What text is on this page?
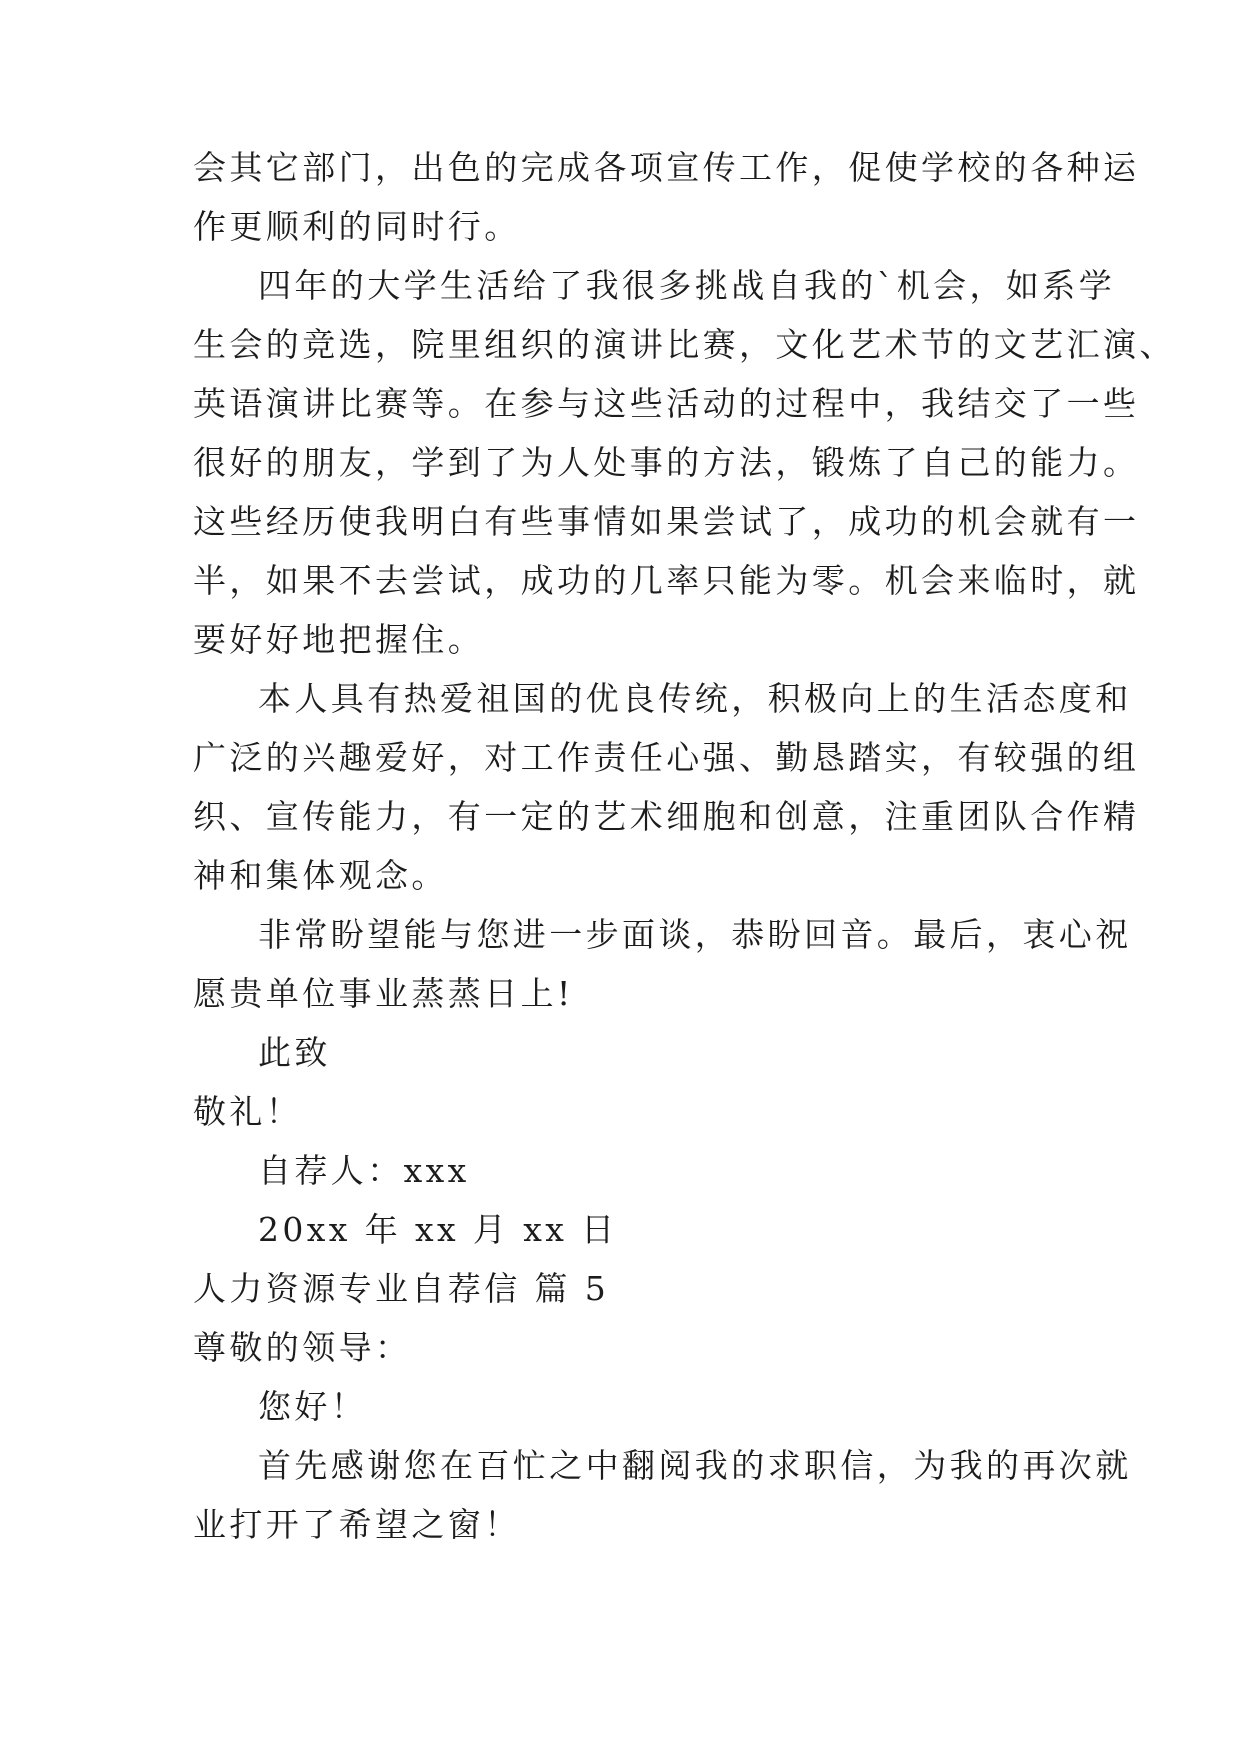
会其它部门，出色的完成各项宣传工作，促使学校的各种运
作更顺利的同时行。
四年的大学生活给了我很多挑战自我的`机会，如系学
生会的竞选，院里组织的演讲比赛，文化艺术节的文艺汇演、
英语演讲比赛等。在参与这些活动的过程中，我结交了一些
很好的朋友，学到了为人处事的方法，锻炼了自己的能力。
这些经历使我明白有些事情如果尝试了，成功的机会就有一
半，如果不去尝试，成功的几率只能为零。机会来临时，就
要好好地把握住。
本人具有热爱祖国的优良传统，积极向上的生活态度和
广泛的兴趣爱好，对工作责任心强、勤恳踏实，有较强的组
织、宣传能力，有一定的艺术细胞和创意，注重团队合作精
神和集体观念。
非常盼望能与您进一步面谈，恭盼回音。最后，衷心祝
愿贵单位事业蒸蒸日上!
此致
敬礼！
自荐人：xxx
20xx 年 xx 月 xx 日
人力资源专业自荐信 篇 5
尊敬的领导：
您好！
首先感谢您在百忙之中翻阅我的求职信，为我的再次就
业打开了希望之窗！
